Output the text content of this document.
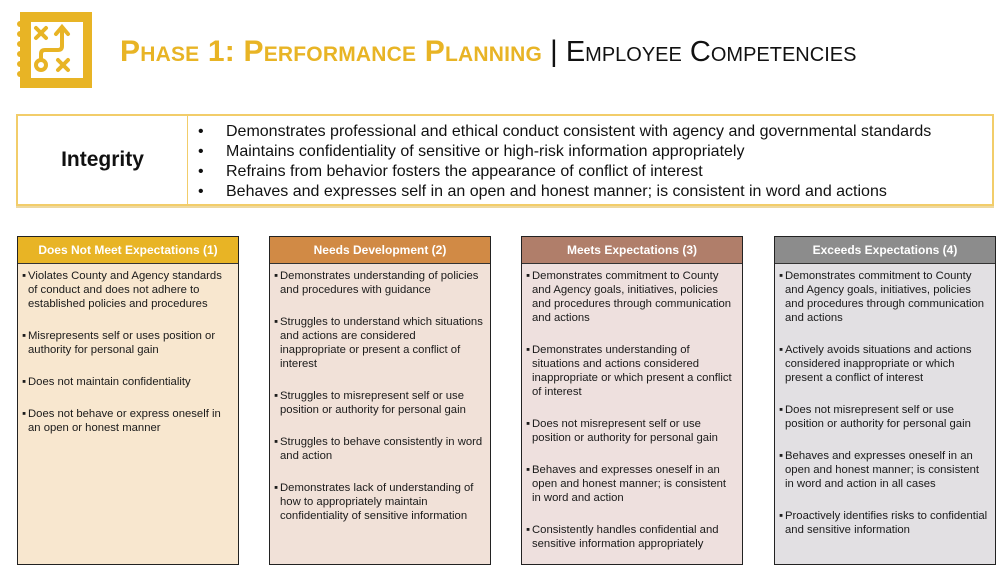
Phase 1: Performance Planning | Employee Competencies
Integrity
•	Demonstrates professional and ethical conduct consistent with agency and governmental standards
•	Maintains confidentiality of sensitive or high-risk information appropriately
•	Refrains from behavior fosters the appearance of conflict of interest
•	Behaves and expresses self in an open and honest manner; is consistent in word and actions
Does Not Meet Expectations (1)
▪ Violates County and Agency standards of conduct and does not adhere to established policies and procedures
▪ Misrepresents self or uses position or authority for personal gain
▪ Does not maintain confidentiality
▪ Does not behave or express oneself in an open or honest manner
Needs Development (2)
▪ Demonstrates understanding of policies and procedures with guidance
▪ Struggles to understand which situations and actions are considered inappropriate or present a conflict of interest
▪ Struggles to misrepresent self or use position or authority for personal gain
▪ Struggles to behave consistently in word and action
▪ Demonstrates lack of understanding of how to appropriately maintain confidentiality of sensitive information
Meets Expectations (3)
▪ Demonstrates commitment to County and Agency goals, initiatives, policies and procedures through communication and actions
▪ Demonstrates understanding of situations and actions considered inappropriate or which present a conflict of interest
▪ Does not misrepresent self or use position or authority for personal gain
▪ Behaves and expresses oneself in an open and honest manner; is consistent in word and action
▪ Consistently handles confidential and sensitive information appropriately
Exceeds Expectations (4)
▪ Demonstrates commitment to County and Agency goals, initiatives, policies and procedures through communication and actions
▪ Actively avoids situations and actions considered inappropriate or which present a conflict of interest
▪ Does not misrepresent self or use position or authority for personal gain
▪ Behaves and expresses oneself in an open and honest manner; is consistent in word and action in all cases
▪ Proactively identifies risks to confidential and sensitive information
